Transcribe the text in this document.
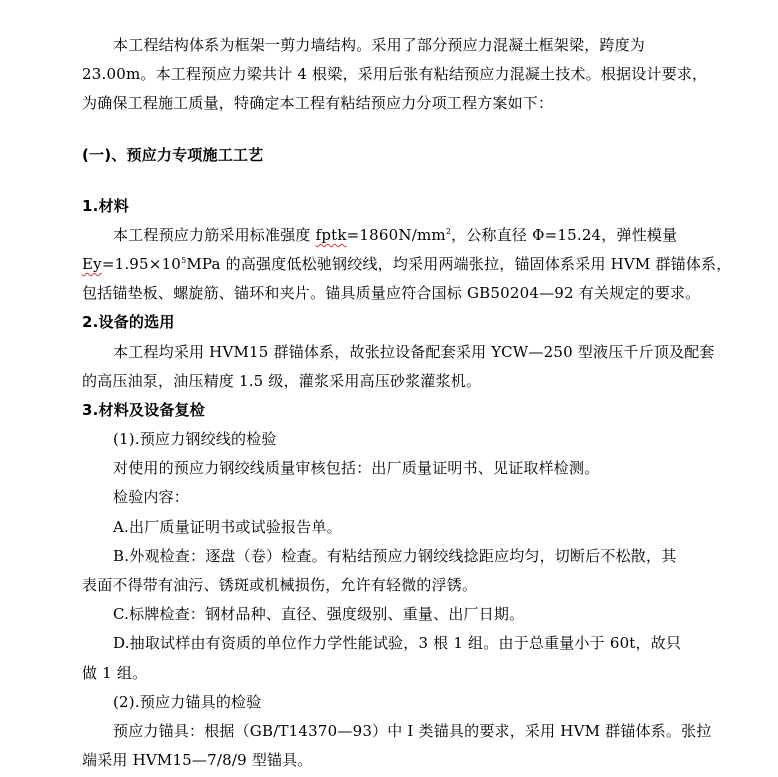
本工程结构体系为框架一剪力墙结构。采用了部分预应力混凝土框架梁，跨度为
23.00m。本工程预应力梁共计 4 根梁，采用后张有粘结预应力混凝土技术。根据设计要求，
为确保工程施工质量，特确定本工程有粘结预应力分项工程方案如下：
(一)、预应力专项施工工艺
1.材料
本工程预应力筋采用标准强度 $fptk=1860N/mm^2$，公称直径 Φ=15.24，弹性模量
$Ey=1.95\times 10^5MPa$ 的高强度低松驰钢绞线，均采用两端张拉，锚固体系采用 HVM 群锚体系，
包括锚垫板、螺旋筋、锚环和夹片。锚具质量应符合国标 GB50204—92 有关规定的要求。
2.设备的选用
本工程均采用 HVM15 群锚体系，故张拉设备配套采用 YCW—250 型液压千斤顶及配套
的高压油泵，油压精度 1.5 级，灌浆采用高压砂浆灌浆机。
3.材料及设备复检
(1).预应力钢绞线的检验
对使用的预应力钢绞线质量审核包括：出厂质量证明书、见证取样检测。
检验内容：
A.出厂质量证明书或试验报告单。
B.外观检查：逐盘（卷）检查。有粘结预应力钢绞线捻距应均匀，切断后不松散，其
表面不得带有油污、锈斑或机械损伤，允许有轻微的浮锈。
C.标牌检查：钢材品种、直径、强度级别、重量、出厂日期。
D.抽取试样由有资质的单位作力学性能试验，3 根 1 组。由于总重量小于 60t，故只
做 1 组。
(2).预应力锚具的检验
预应力锚具：根据（GB/T14370—93）中 I 类锚具的要求，采用 HVM 群锚体系。张拉
端采用 HVM15—7/8/9 型锚具。
